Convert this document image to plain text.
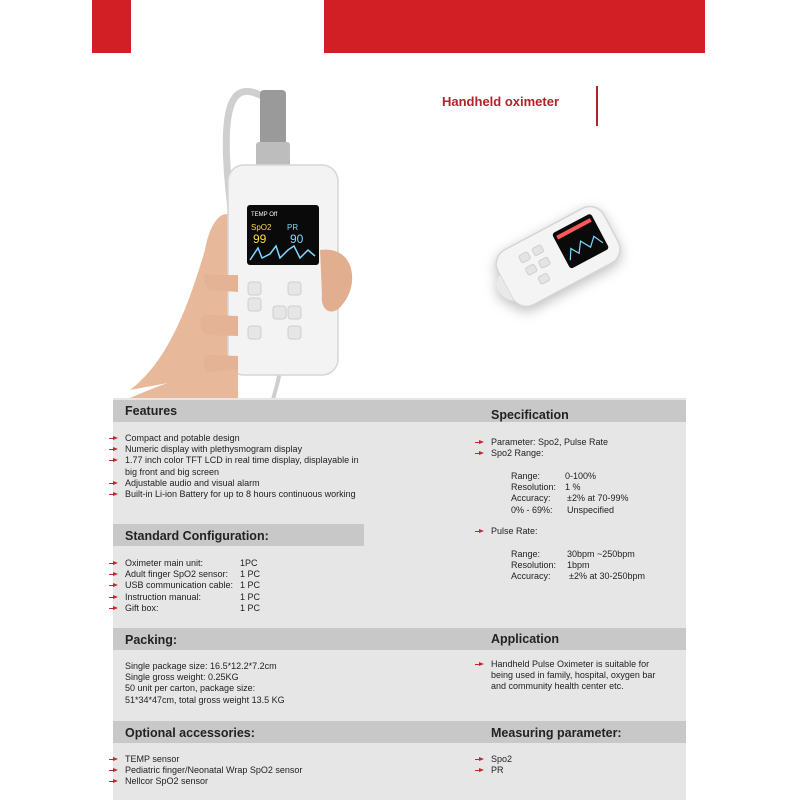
Handheld oximeter
TEMP Off
SpO2
99
PR
90
Features	Specification
Standard Configuration:
Packing:	Application
Optional accessories:	Measuring parameter:
Compact and potable design
Numeric display with plethysmogram display
1.77 inch color TFT LCD in real time display, displayable in
big front and big screen
Adjustable audio and visual alarm
Built-in Li-ion Battery for up to 8 hours continuous working
Parameter: Spo2, Pulse Rate
Spo2 Range:
Range:	0-100%
Resolution: 1 %
Accuracy: ±2% at 70-99%
0% - 69%: Unspecified
Pulse Rate:
Range:	30bpm ~250bpm
Resolution: 1bpm
Accuracy: ±2% at 30-250bpm
Oximeter main unit:	1PC
Adult finger SpO2 sensor: 1 PC
USB communication cable: 1 PC
Instruction manual:	1 PC
Gift box:	1 PC
Single package size: 16.5*12.2*7.2cm
Single gross weight: 0.25KG
50 unit per carton, package size:
51*34*47cm, total gross weight 13.5 KG
Handheld Pulse Oximeter is suitable for
being used in family, hospital, oxygen bar
and community health center etc.
TEMP sensor
Pediatric finger/Neonatal Wrap SpO2 sensor
Nellcor SpO2 sensor
Spo2
PR
